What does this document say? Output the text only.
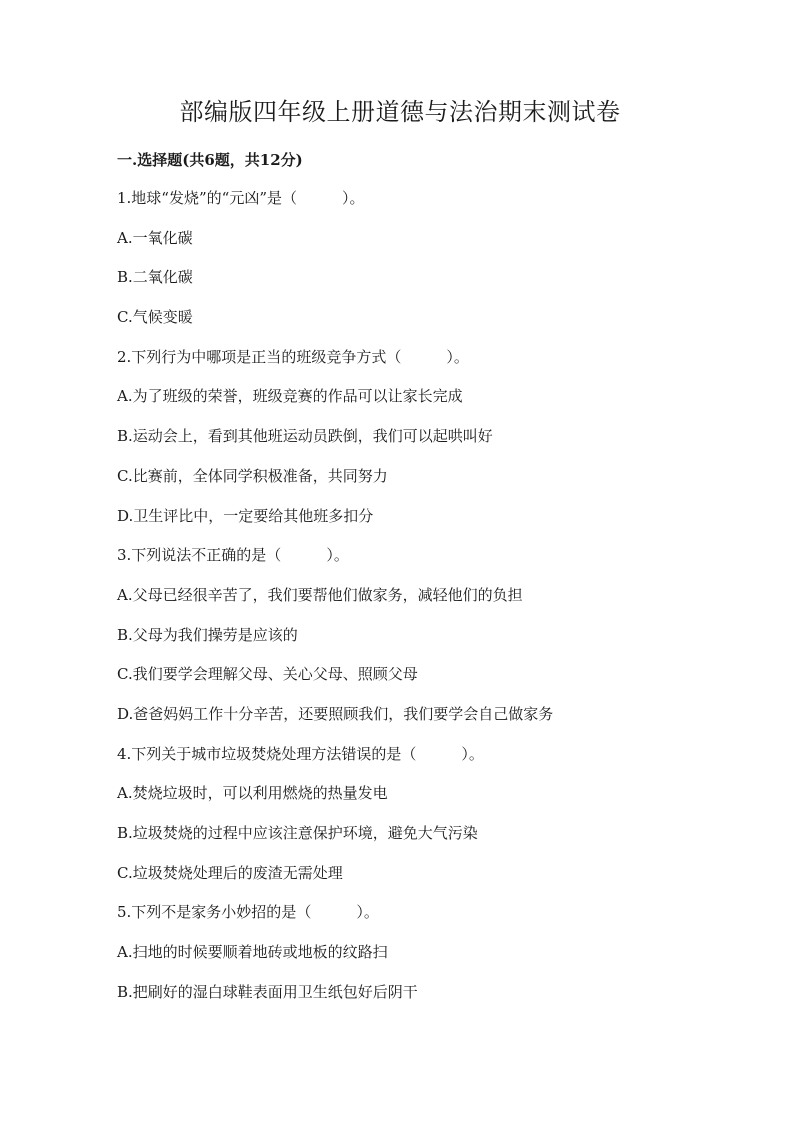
部编版四年级上册道德与法治期末测试卷
一.选择题(共6题，共12分)
1.地球“发烧”的“元凶”是（　　　）。
A.一氧化碳
B.二氧化碳
C.气候变暖
2.下列行为中哪项是正当的班级竞争方式（　　　）。
A.为了班级的荣誉，班级竞赛的作品可以让家长完成
B.运动会上，看到其他班运动员跌倒，我们可以起哄叫好
C.比赛前，全体同学积极准备，共同努力
D.卫生评比中，一定要给其他班多扣分
3.下列说法不正确的是（　　　）。
A.父母已经很辛苦了，我们要帮他们做家务，减轻他们的负担
B.父母为我们操劳是应该的
C.我们要学会理解父母、关心父母、照顾父母
D.爸爸妈妈工作十分辛苦，还要照顾我们，我们要学会自己做家务
4.下列关于城市垃圾焚烧处理方法错误的是（　　　）。
A.焚烧垃圾时，可以利用燃烧的热量发电
B.垃圾焚烧的过程中应该注意保护环境，避免大气污染
C.垃圾焚烧处理后的废渣无需处理
5.下列不是家务小妙招的是（　　　）。
A.扫地的时候要顺着地砖或地板的纹路扫
B.把刷好的湿白球鞋表面用卫生纸包好后阴干
